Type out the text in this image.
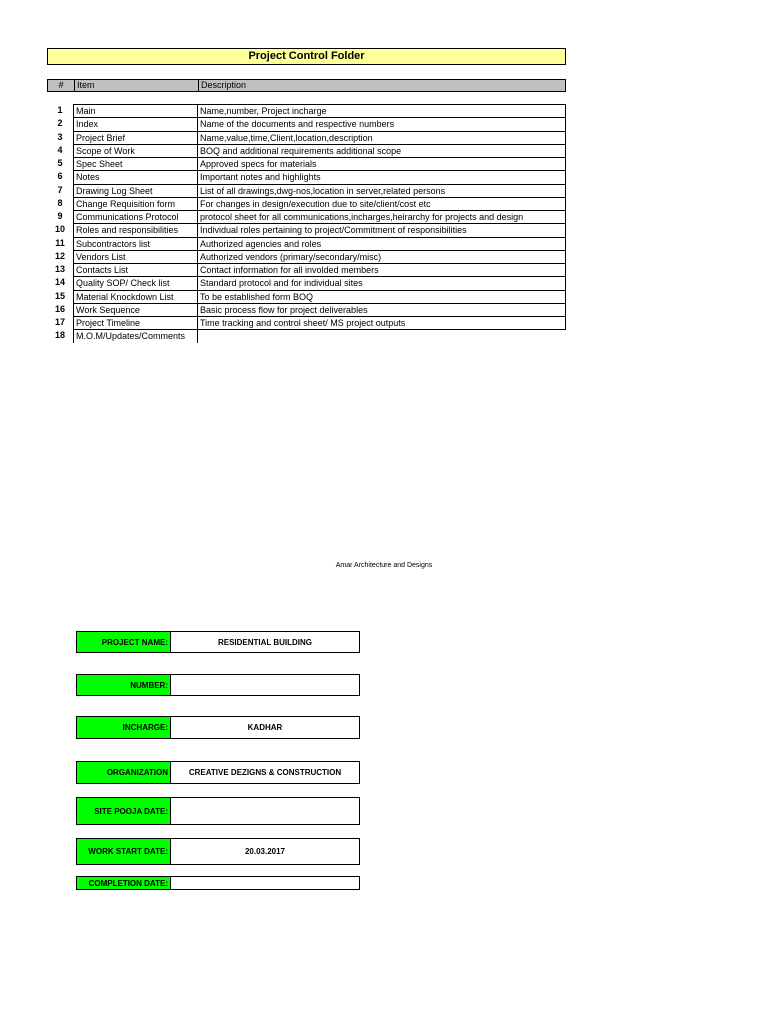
Project Control Folder
#	Item	Description
1	Main	Name,number, Project incharge
2	Index	Name of the documents and respective numbers
3	Project Brief	Name,value,time,Client,location,description
4	Scope of Work	BOQ and additional requirements additional scope
5	Spec Sheet	Approved specs for materials
6	Notes	Important notes and highlights
7	Drawing Log Sheet	List of all drawings,dwg-nos,location in server,related persons
8	Change Requisition form	For changes in design/execution due to site/client/cost etc
9	Communications Protocol	protocol sheet for all communications,incharges,heirarchy for projects and design
10	Roles and responsibilities	Individual roles pertaining to project/Commitment of responsibilities
11	Subcontractors list	Authorized agencies and roles
12	Vendors List	Authorized vendors (primary/secondary/misc)
13	Contacts List	Contact information for all involded members
14	Quality SOP/ Check list	Standard protocol and for individual sites
15	Material Knockdown List	To be established form BOQ
16	Work Sequence	Basic process flow for project deliverables
17	Project Timeline	Time tracking and control sheet/ MS project outputs
18	M.O.M/Updates/Comments
Amar Architecture and Designs
PROJECT NAME:	RESIDENTIAL BUILDING
NUMBER:
INCHARGE:	KADHAR
ORGANIZATION	CREATIVE DEZIGNS & CONSTRUCTION
SITE POOJA DATE:
WORK START DATE:	20.03.2017
COMPLETION DATE:
